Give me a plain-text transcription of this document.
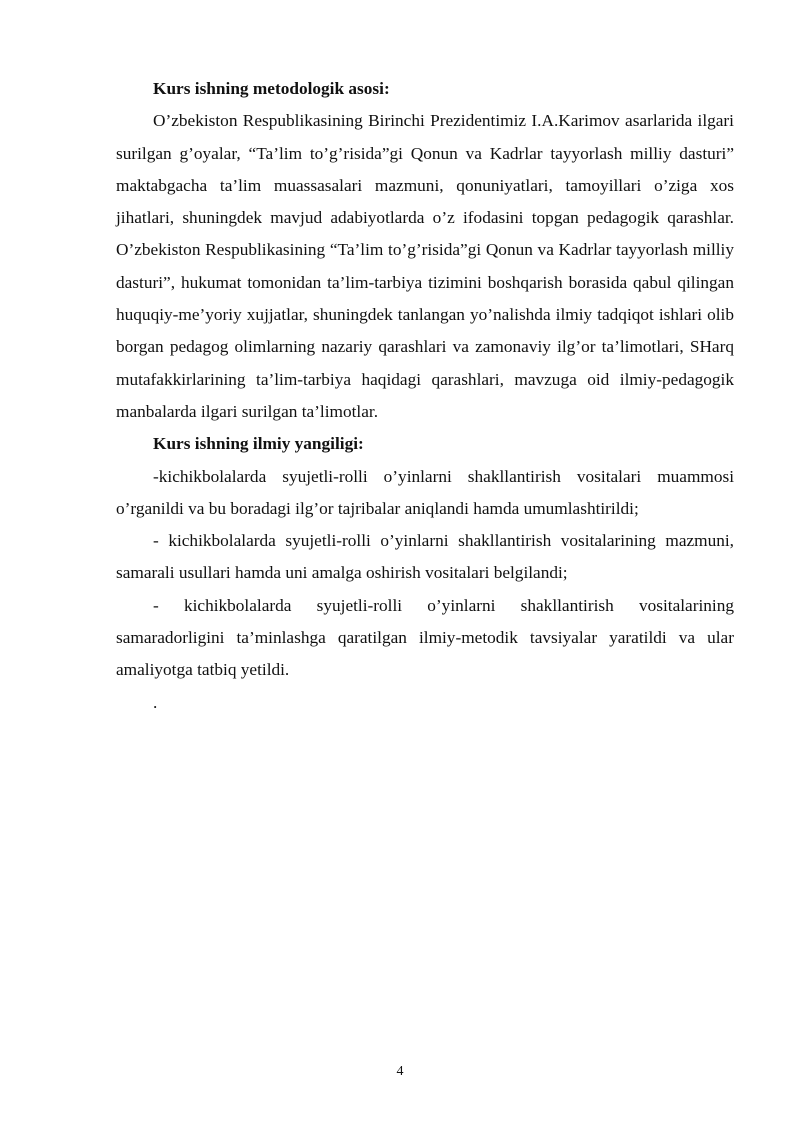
Kurs ishning metodologik asosi:

O’zbekiston Respublikasining Birinchi Prezidentimiz I.A.Karimov asarlarida ilgari surilgan g’oyalar, “Ta’lim to’g’risida”gi Qonun va Kadrlar tayyorlash milliy dasturi” maktabgacha ta’lim muassasalari mazmuni, qonuniyatlari, tamoyillari o’ziga xos jihatlari, shuningdek mavjud adabiyotlarda o’z ifodasini topgan pedagogik qarashlar. O’zbekiston Respublikasining “Ta’lim to’g’risida”gi Qonun va Kadrlar tayyorlash milliy dasturi”, hukumat tomonidan ta’lim-tarbiya tizimini boshqarish borasida qabul qilingan huquqiy-me’yoriy xujjatlar, shuningdek tanlangan yo’nalishda ilmiy tadqiqot ishlari olib borgan pedagog olimlarning nazariy qarashlari va zamonaviy ilg’or ta’limotlari, SHarq mutafakkirlarining ta’lim-tarbiya haqidagi qarashlari, mavzuga oid ilmiy-pedagogik manbalarda ilgari surilgan ta’limotlar.

Kurs ishning ilmiy yangiligi:

-kichikbolalarda syujetli-rolli o’yinlarni shakllantirish vositalari muammosi o’rganildi va bu boradagi ilg’or tajribalar aniqlandi hamda umumlashtirildi;

- kichikbolalarda syujetli-rolli o’yinlarni shakllantirish vositalarining mazmuni, samarali usullari hamda uni amalga oshirish vositalari belgilandi;

- kichikbolalarda syujetli-rolli o’yinlarni shakllantirish vositalarining samaradorligini ta’minlashga qaratilgan ilmiy-metodik tavsiyalar yaratildi va ular amaliyotga tatbiq yetildi.

.

4
